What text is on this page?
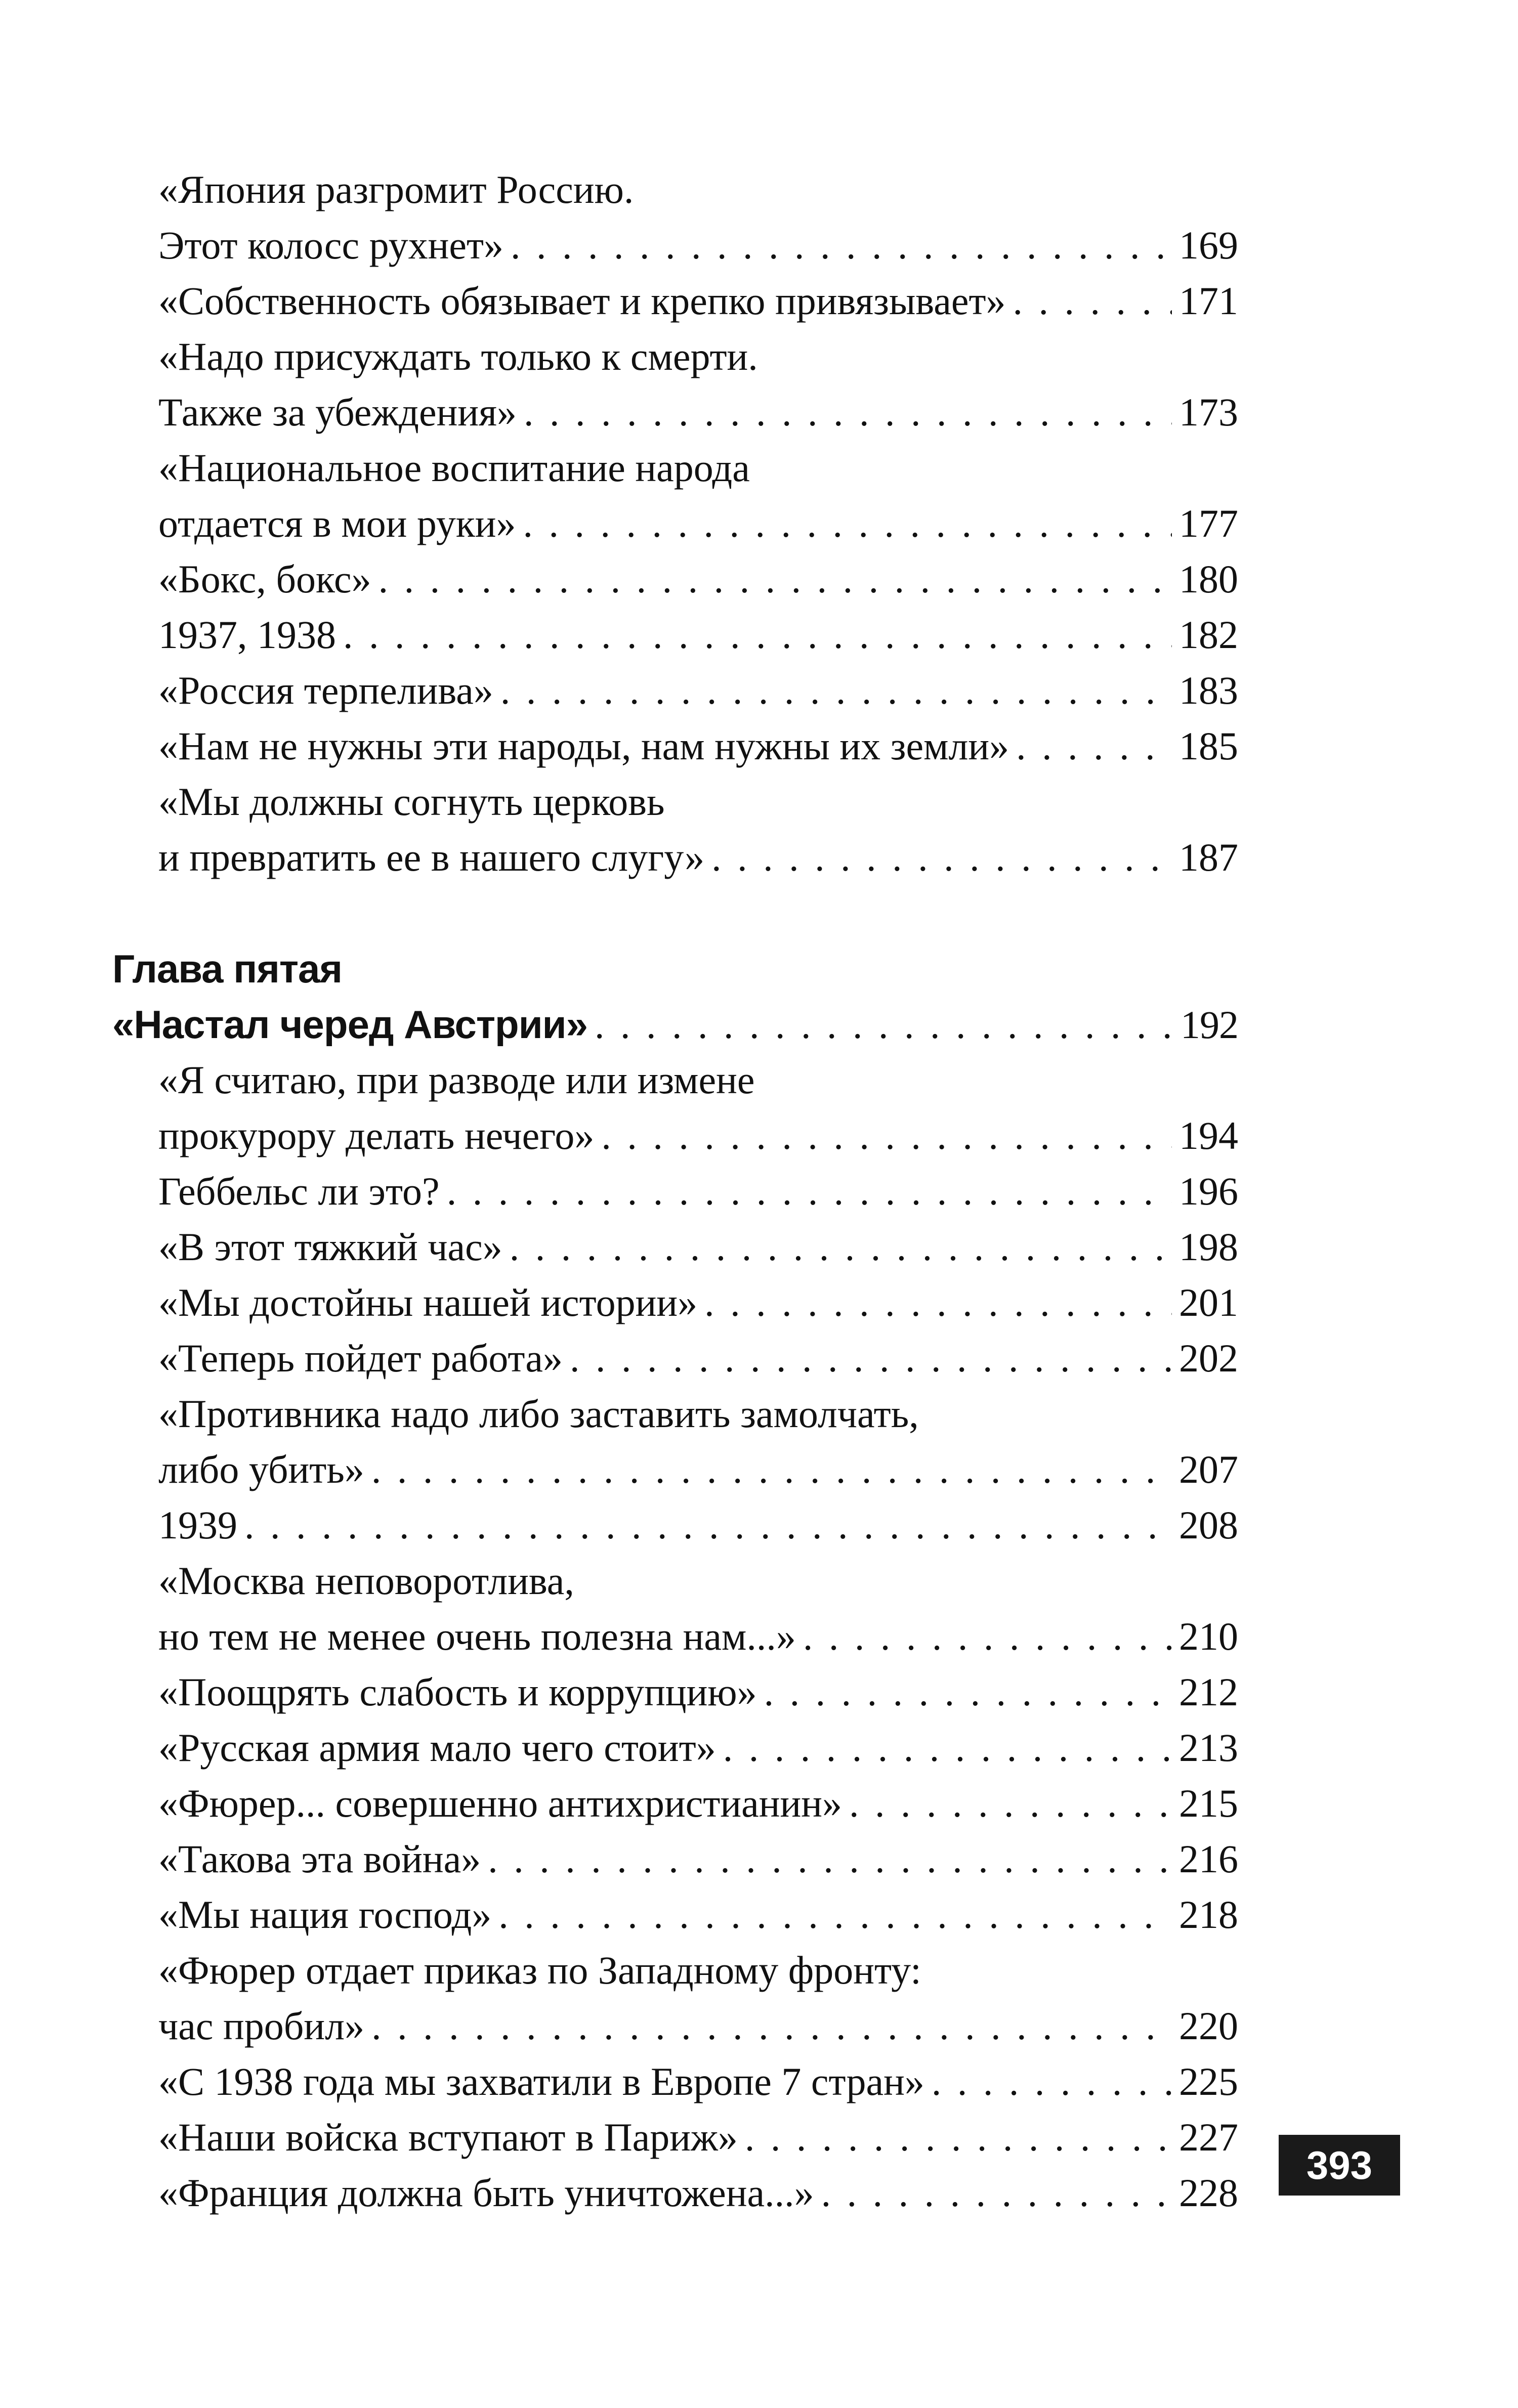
«Япония разгромит Россию.
Этот колосс рухнет» . . .	169
«Собственность обязывает и крепко привязывает» . . .	171
«Надо присуждать только к смерти.
Также за убеждения» . . .	173
«Национальное воспитание народа
отдается в мои руки» . . .	177
«Бокс, бокс» . . .	180
1937, 1938 . . .	182
«Россия терпелива» . . .	183
«Нам не нужны эти народы, нам нужны их земли» . . .	185
«Мы должны согнуть церковь
и превратить ее в нашего слугу» . . .	187
Глава пятая
«Настал черед Австрии» . . .	192
«Я считаю, при разводе или измене
прокурору делать нечего» . . .	194
Геббельс ли это? . . .	196
«В этот тяжкий час» . . .	198
«Мы достойны нашей истории» . . .	201
«Теперь пойдет работа» . . .	202
«Противника надо либо заставить замолчать,
либо убить» . . .	207
1939 . . .	208
«Москва неповоротлива,
но тем не менее очень полезна нам...» . . .	210
«Поощрять слабость и коррупцию» . . .	212
«Русская армия мало чего стоит» . . .	213
«Фюрер... совершенно антихристианин» . . .	215
«Такова эта война» . . .	216
«Мы нация господ» . . .	218
«Фюрер отдает приказ по Западному фронту:
час пробил» . . .	220
«С 1938 года мы захватили в Европе 7 стран» . . .	225
«Наши войска вступают в Париж» . . .	227
«Франция должна быть уничтожена...» . . .	228
393
